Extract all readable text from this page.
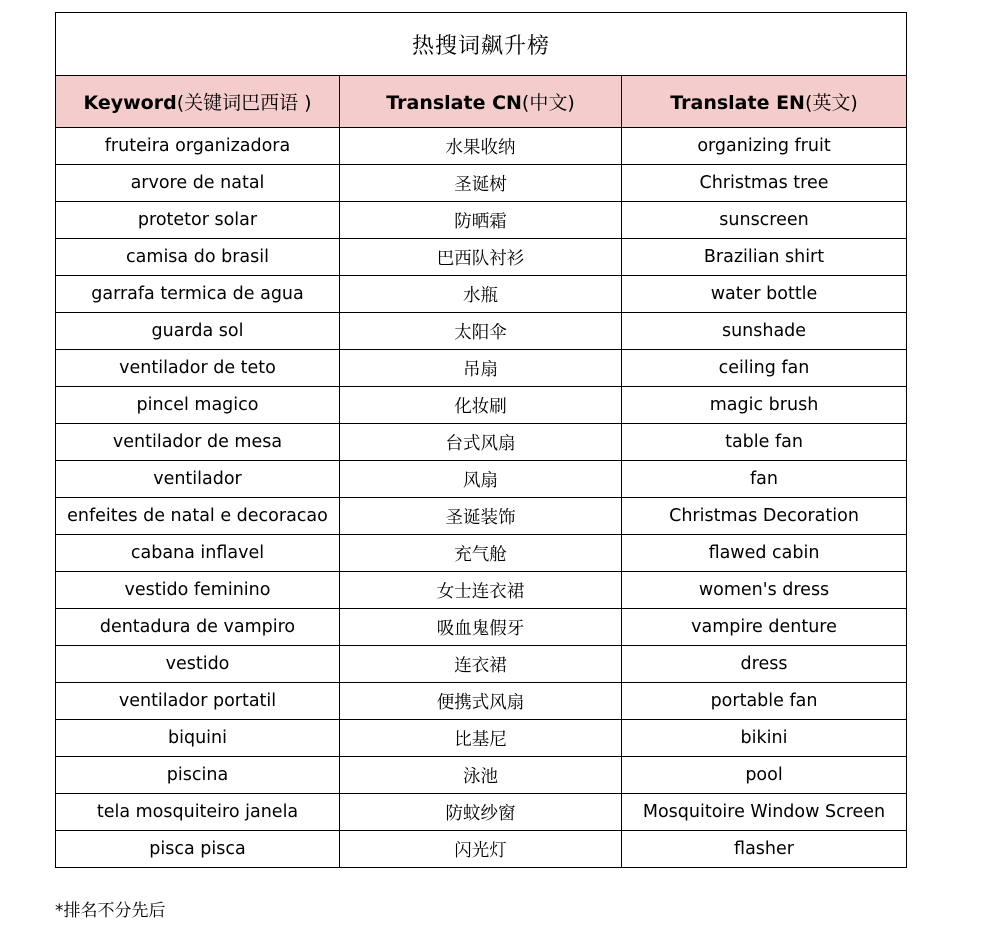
热搜词飙升榜		
Keyword(关键词巴西语 )	Translate CN(中文)	Translate EN(英文)
fruteira organizadora	水果收纳	organizing fruit
arvore de natal	圣诞树	Christmas tree
protetor solar	防晒霜	sunscreen
camisa do brasil	巴西队衬衫	Brazilian shirt
garrafa termica de agua	水瓶	water bottle
guarda sol	太阳伞	sunshade
ventilador de teto	吊扇	ceiling fan
pincel magico	化妆刷	magic brush
ventilador de mesa	台式风扇	table fan
ventilador	风扇	fan
enfeites de natal e decoracao	圣诞装饰	Christmas Decoration
cabana inflavel	充气舱	flawed cabin
vestido feminino	女士连衣裙	women's dress
dentadura de vampiro	吸血鬼假牙	vampire denture
vestido	连衣裙	dress
ventilador portatil	便携式风扇	portable fan
biquini	比基尼	bikini
piscina	泳池	pool
tela mosquiteiro janela	防蚊纱窗	Mosquitoire Window Screen
pisca pisca	闪光灯	flasher
*排名不分先后
